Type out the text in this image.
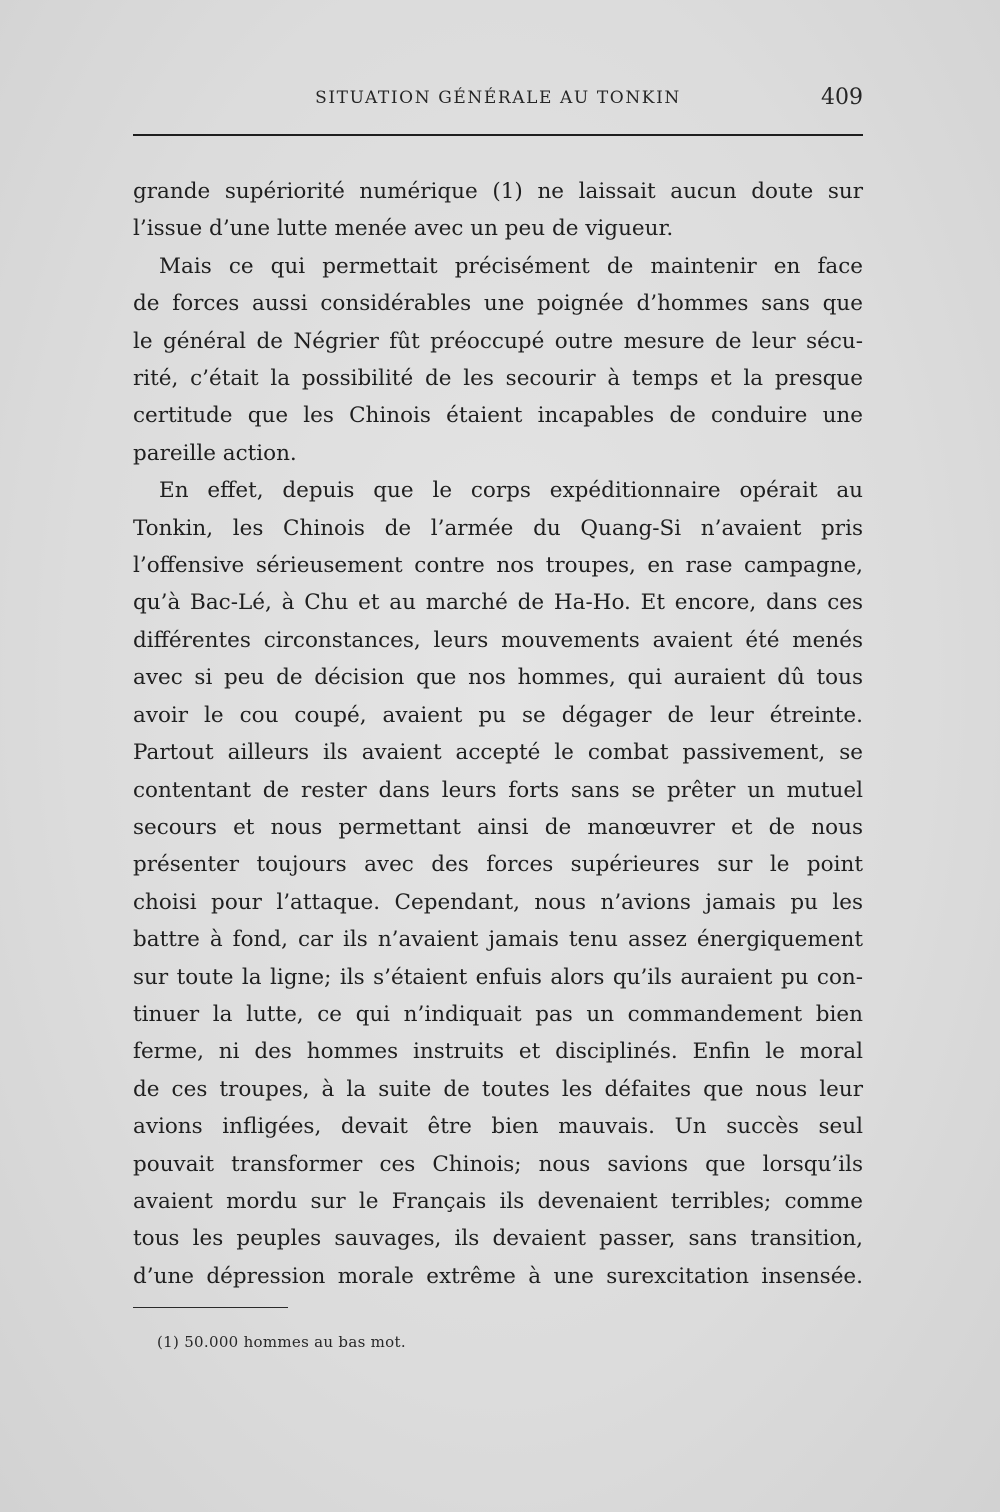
SITUATION GÉNÉRALE AU TONKIN	409

grande supériorité numérique (1) ne laissait aucun doute sur

l’issue d’une lutte menée avec un peu de vigueur.

Mais ce qui permettait précisément de maintenir en face

de forces aussi considérables une poignée d’hommes sans que

le général de Négrier fût préoccupé outre mesure de leur sécu-

rité, c’était la possibilité de les secourir à temps et la presque

certitude que les Chinois étaient incapables de conduire une

pareille action.

En effet, depuis que le corps expéditionnaire opérait au

Tonkin, les Chinois de l’armée du Quang-Si n’avaient pris

l’offensive sérieusement contre nos troupes, en rase campagne,

qu’à Bac-Lé, à Chu et au marché de Ha-Ho. Et encore, dans ces

différentes circonstances, leurs mouvements avaient été menés

avec si peu de décision que nos hommes, qui auraient dû tous

avoir le cou coupé, avaient pu se dégager de leur étreinte.

Partout ailleurs ils avaient accepté le combat passivement, se

contentant de rester dans leurs forts sans se prêter un mutuel

secours et nous permettant ainsi de manœuvrer et de nous

présenter toujours avec des forces supérieures sur le point

choisi pour l’attaque. Cependant, nous n’avions jamais pu les

battre à fond, car ils n’avaient jamais tenu assez énergiquement

sur toute la ligne; ils s’étaient enfuis alors qu’ils auraient pu con-

tinuer la lutte, ce qui n’indiquait pas un commandement bien

ferme, ni des hommes instruits et disciplinés. Enfin le moral

de ces troupes, à la suite de toutes les défaites que nous leur

avions infligées, devait être bien mauvais. Un succès seul

pouvait transformer ces Chinois; nous savions que lorsqu’ils

avaient mordu sur le Français ils devenaient terribles; comme

tous les peuples sauvages, ils devaient passer, sans transition,

d’une dépression morale extrême à une surexcitation insensée.

(1) 50.000 hommes au bas mot.
